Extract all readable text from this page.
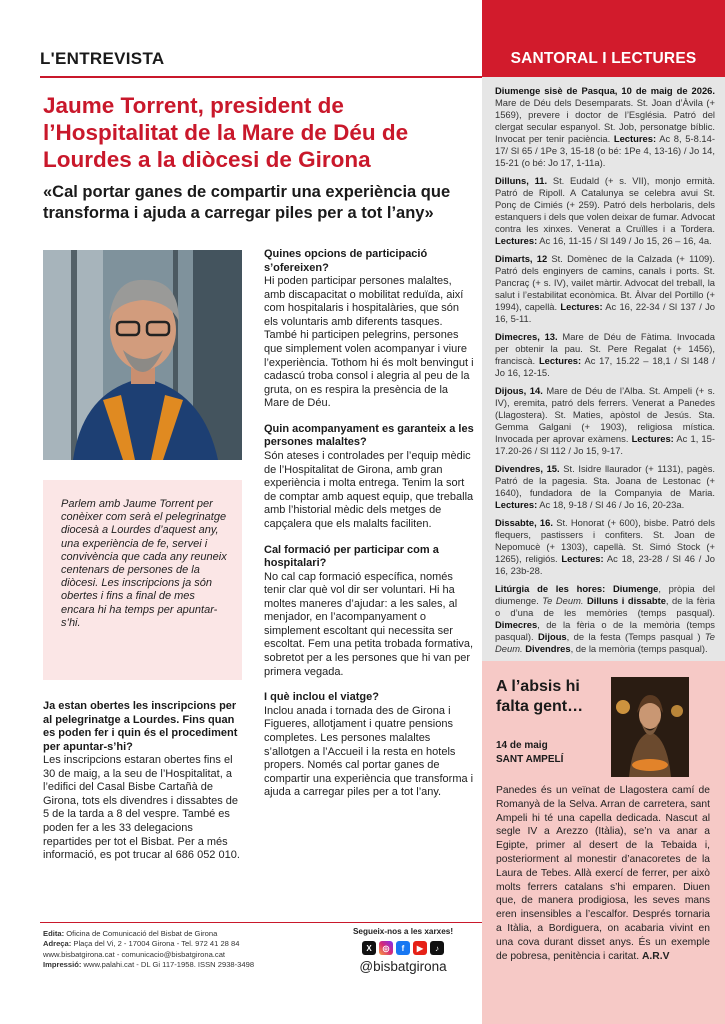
L'ENTREVISTA
Jaume Torrent, president de l’Hospitalitat de la Mare de Déu de Lourdes a la diòcesi de Girona
«Cal portar ganes de compartir una experiència que transforma i ajuda a carregar piles per a tot l’any»

Parlem amb Jaume Torrent per conèixer com serà el pelegrinatge diocesà a Lourdes d’aquest any, una experiència de fe, servei i convivència que cada any reuneix centenars de persones de la diòcesi. Les inscripcions ja són obertes i fins a final de mes encara hi ha temps per apuntar-s’hi.

Ja estan obertes les inscripcions per al pelegrinatge a Lourdes. Fins quan es poden fer i quin és el procediment per apuntar-s’hi?
Les inscripcions estaran obertes fins el 30 de maig, a la seu de l’Hospitalitat, a l’edifici del Casal Bisbe Cartañà de Girona, tots els divendres i dissabtes de 5 de la tarda a 8 del vespre. També es poden fer a les 33 delegacions repartides per tot el Bisbat. Per a més informació, es pot trucar al 686 052 010.
Quines opcions de participació s’ofereixen?
Hi poden participar persones malaltes, amb discapacitat o mobilitat reduïda, així com hospitalaris i hospitalàries, que són els voluntaris amb diferents tasques. També hi participen pelegrins, persones que simplement volen acompanyar i viure l’experiència. Tothom hi és molt benvingut i cadascú troba consol i alegria al peu de la gruta, on es respira la presència de la Mare de Déu.
Quin acompanyament es garanteix a les persones malaltes?
Són ateses i controlades per l’equip mèdic de l’Hospitalitat de Girona, amb gran experiència i molta entrega. Tenim la sort de comptar amb aquest equip, que treballa amb l’historial mèdic dels metges de capçalera que els malalts faciliten.
Cal formació per participar com a hospitalari?
No cal cap formació específica, només tenir clar què vol dir ser voluntari. Hi ha moltes maneres d’ajudar: a les sales, al menjador, en l’acompanyament o simplement escoltant qui necessita ser escoltat. Fem una petita trobada formativa, sobretot per a les persones que hi van per primera vegada.
I què inclou el viatge?
Inclou anada i tornada des de Girona i Figueres, allotjament i quatre pensions completes. Les persones malaltes s’allotgen a l’Accueil i la resta en hotels propers. Només cal portar ganes de compartir una experiència que transforma i ajuda a carregar piles per a tot l’any.
Edita: Oficina de Comunicació del Bisbat de Girona
Adreça: Plaça del Vi, 2 - 17004 Girona - Tel. 972 41 28 84
www.bisbatgirona.cat - comunicacio@bisbatgirona.cat
Impressió: www.palahi.cat - DL Gi 117-1958. ISSN 2938-3498
Segueix-nos a les xarxes!
X	◎	f	▶	♪
@bisbatgirona
SANTORAL I LECTURES
Diumenge sisè de Pasqua, 10 de maig de 2026. Mare de Déu dels Desemparats. St. Joan d’Àvila (+ 1569), prevere i doctor de l’Església. Patró del clergat secular espanyol. St. Job, personatge bíblic. Invocat per tenir paciència. Lectures: Ac 8, 5-8.14-17/ Sl 65 / 1Pe 3, 15-18 (o bé: 1Pe 4, 13-16) / Jo 14, 15-21 (o bé: Jo 17, 1-11a).
Dilluns, 11. St. Eudald (+ s. VII), monjo ermità. Patró de Ripoll. A Catalunya se celebra avui St. Ponç de Cimiés (+ 259). Patró dels herbolaris, dels estanquers i dels que volen deixar de fumar. Advocat contra les xinxes. Venerat a Cruïlles i a Tordera. Lectures: Ac 16, 11-15 / Sl 149 / Jo 15, 26 – 16, 4a.
Dimarts, 12 St. Domènec de la Calzada (+ 1109). Patró dels enginyers de camins, canals i ports. St. Pancraç (+ s. IV), vailet màrtir. Advocat del treball, la salut i l’estabilitat econòmica. Bt. Àlvar del Portillo (+ 1994), capellà. Lectures: Ac 16, 22-34 / Sl 137 / Jo 16, 5-11.
Dimecres, 13. Mare de Déu de Fàtima. Invocada per obtenir la pau. St. Pere Regalat (+ 1456), franciscà. Lectures: Ac 17, 15.22 – 18,1 / Sl 148 / Jo 16, 12-15.
Dijous, 14. Mare de Déu de l’Alba. St. Ampeli (+ s. IV), eremita, patró dels ferrers. Venerat a Panedes (Llagostera). St. Maties, apòstol de Jesús. Sta. Gemma Galgani (+ 1903), religiosa mística. Invocada per aprovar exàmens. Lectures: Ac 1, 15-17.20-26 / Sl 112 / Jo 15, 9-17.
Divendres, 15. St. Isidre llaurador (+ 1131), pagès. Patró de la pagesia. Sta. Joana de Lestonac (+ 1640), fundadora de la Companyia de Maria. Lectures: Ac 18, 9-18 / Sl 46 / Jo 16, 20-23a.
Dissabte, 16. St. Honorat (+ 600), bisbe. Patró dels flequers, pastissers i confiters. St. Joan de Nepomucè (+ 1303), capellà. St. Simó Stock (+ 1265), religiós. Lectures: Ac 18, 23-28 / Sl 46 / Jo 16, 23b-28.
Litúrgia de les hores: Diumenge, pròpia del diumenge. Te Deum. Dilluns i dissabte, de la fèria o d’una de les memòries (temps pasqual). Dimecres, de la fèria o de la memòria (temps pasqual). Dijous, de la festa (Temps pasqual ) Te Deum. Divendres, de la memòria (temps pasqual).
A l’absis hi falta gent…
14 de maig
SANT AMPELÍ
Panedes és un veïnat de Llagostera camí de Romanyà de la Selva. Arran de carretera, sant Ampeli hi té una capella dedicada. Nascut al segle IV a Arezzo (Itàlia), se’n va anar a Egipte, primer al desert de la Tebaida i, posteriorment al monestir d’anacoretes de la Laura de Tebes. Allà exercí de ferrer, per això molts ferrers catalans s’hi emparen. Diuen que, de manera prodigiosa, les seves mans eren insensibles a l’escalfor. Després tornaria a Itàlia, a Bordiguera, on acabaria vivint en una cova durant disset anys. És un exemple de pobresa, penitència i caritat. A.R.V
